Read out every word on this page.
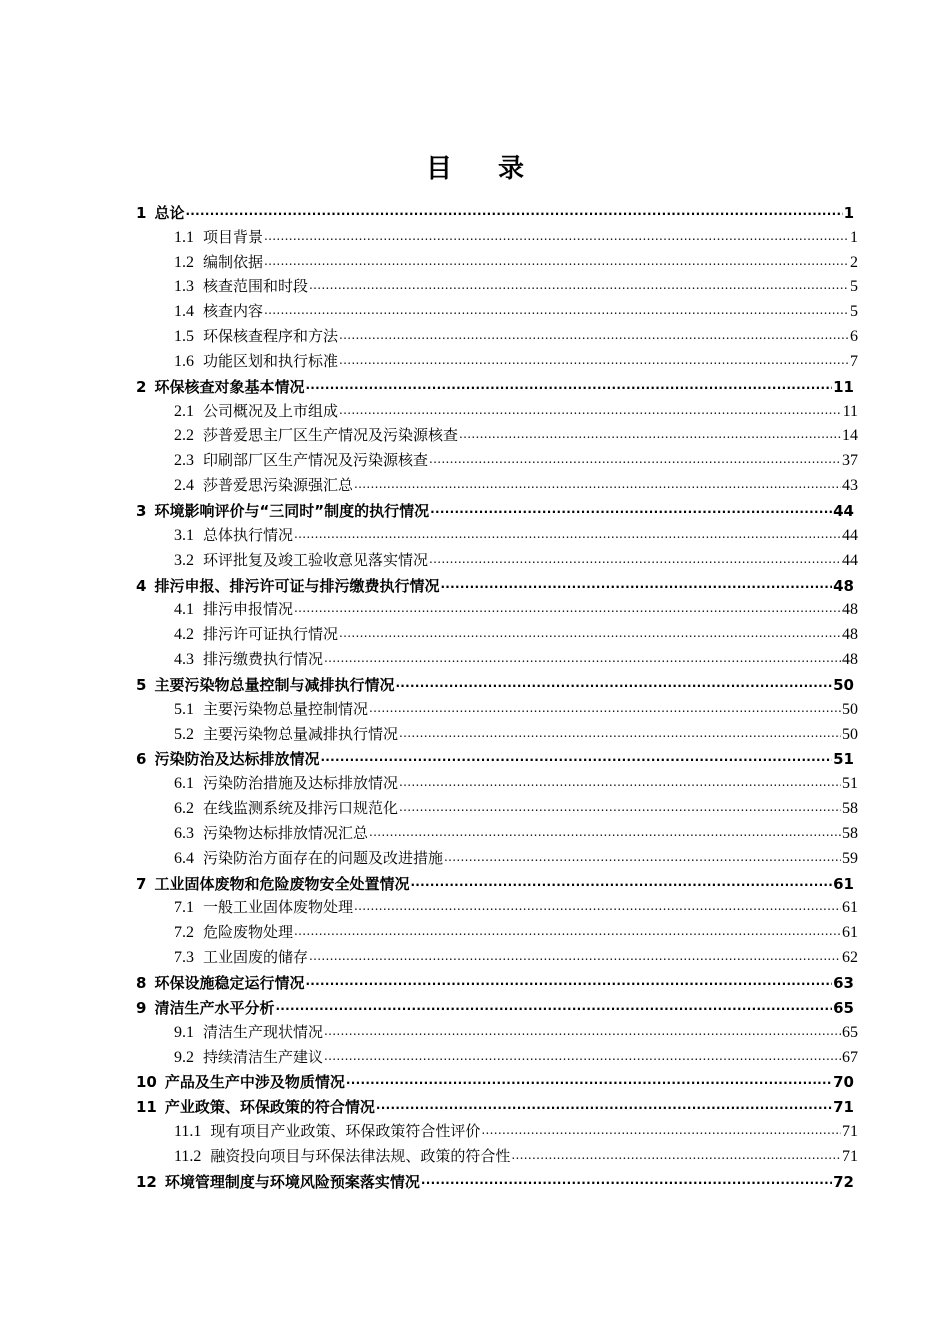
目录
1 总论 .....	1
1.1 项目背景 .....	1
1.2 编制依据 .....	2
1.3 核查范围和时段 .....	5
1.4 核查内容 .....	5
1.5 环保核查程序和方法 .....	6
1.6 功能区划和执行标准 .....	7
2 环保核查对象基本情况 .....	11
2.1 公司概况及上市组成 .....	11
2.2 莎普爱思主厂区生产情况及污染源核查 .....	14
2.3 印刷部厂区生产情况及污染源核查 .....	37
2.4 莎普爱思污染源强汇总 .....	43
3 环境影响评价与“三同时”制度的执行情况 .....	44
3.1 总体执行情况 .....	44
3.2 环评批复及竣工验收意见落实情况 .....	44
4 排污申报、排污许可证与排污缴费执行情况 .....	48
4.1 排污申报情况 .....	48
4.2 排污许可证执行情况 .....	48
4.3 排污缴费执行情况 .....	48
5 主要污染物总量控制与减排执行情况 .....	50
5.1 主要污染物总量控制情况 .....	50
5.2 主要污染物总量减排执行情况 .....	50
6 污染防治及达标排放情况 .....	51
6.1 污染防治措施及达标排放情况 .....	51
6.2 在线监测系统及排污口规范化 .....	58
6.3 污染物达标排放情况汇总 .....	58
6.4 污染防治方面存在的问题及改进措施 .....	59
7 工业固体废物和危险废物安全处置情况 .....	61
7.1 一般工业固体废物处理 .....	61
7.2 危险废物处理 .....	61
7.3 工业固废的储存 .....	62
8 环保设施稳定运行情况 .....	63
9 清洁生产水平分析 .....	65
9.1 清洁生产现状情况 .....	65
9.2 持续清洁生产建议 .....	67
10 产品及生产中涉及物质情况 .....	70
11 产业政策、环保政策的符合情况 .....	71
11.1 现有项目产业政策、环保政策符合性评价 .....	71
11.2 融资投向项目与环保法律法规、政策的符合性 .....	71
12 环境管理制度与环境风险预案落实情况 .....	72
